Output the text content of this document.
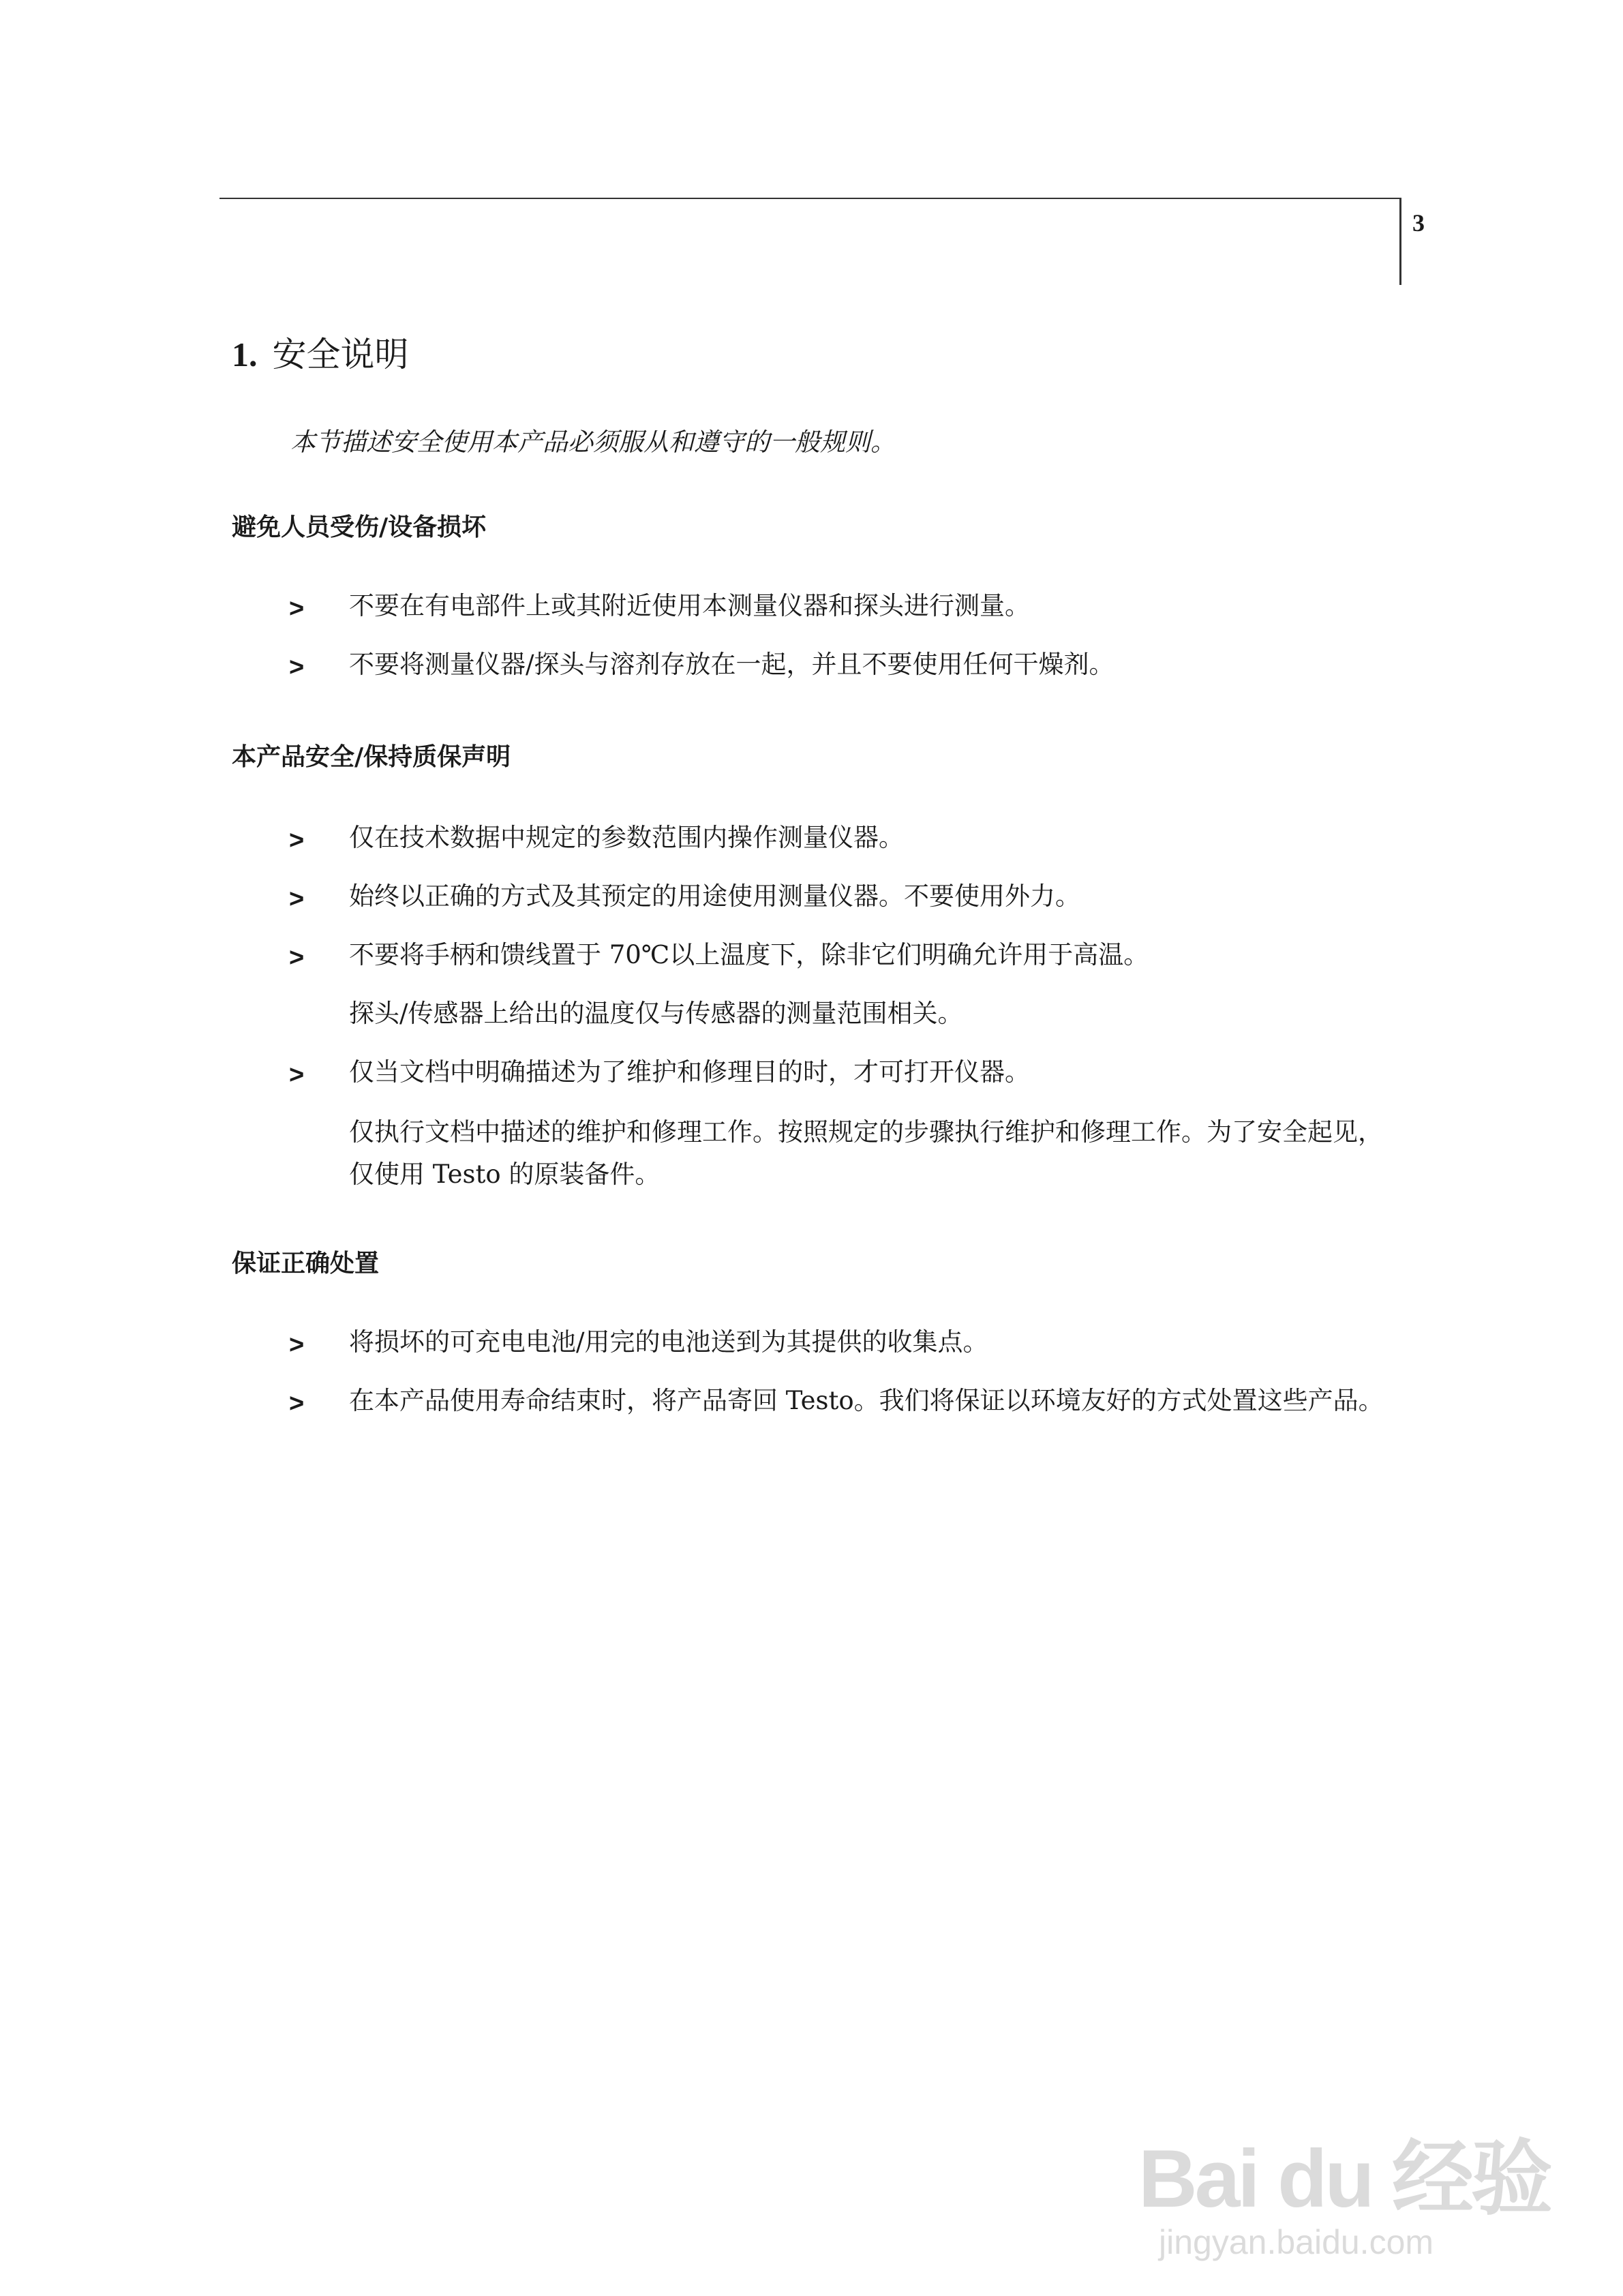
3
1. 安全说明
本节描述安全使用本产品必须服从和遵守的一般规则。
避免人员受伤/设备损坏
> 不要在有电部件上或其附近使用本测量仪器和探头进行测量。
> 不要将测量仪器/探头与溶剂存放在一起，并且不要使用任何干燥剂。
本产品安全/保持质保声明
> 仅在技术数据中规定的参数范围内操作测量仪器。
> 始终以正确的方式及其预定的用途使用测量仪器。不要使用外力。
> 不要将手柄和馈线置于 70℃以上温度下，除非它们明确允许用于高温。
探头/传感器上给出的温度仅与传感器的测量范围相关。
> 仅当文档中明确描述为了维护和修理目的时，才可打开仪器。
仅执行文档中描述的维护和修理工作。按照规定的步骤执行维护和修理工作。为了安全起见，仅使用 Testo 的原装备件。
保证正确处置
> 将损坏的可充电电池/用完的电池送到为其提供的收集点。
> 在本产品使用寿命结束时，将产品寄回 Testo。我们将保证以环境友好的方式处置这些产品。
Bai du 经验
jingyan.baidu.com
